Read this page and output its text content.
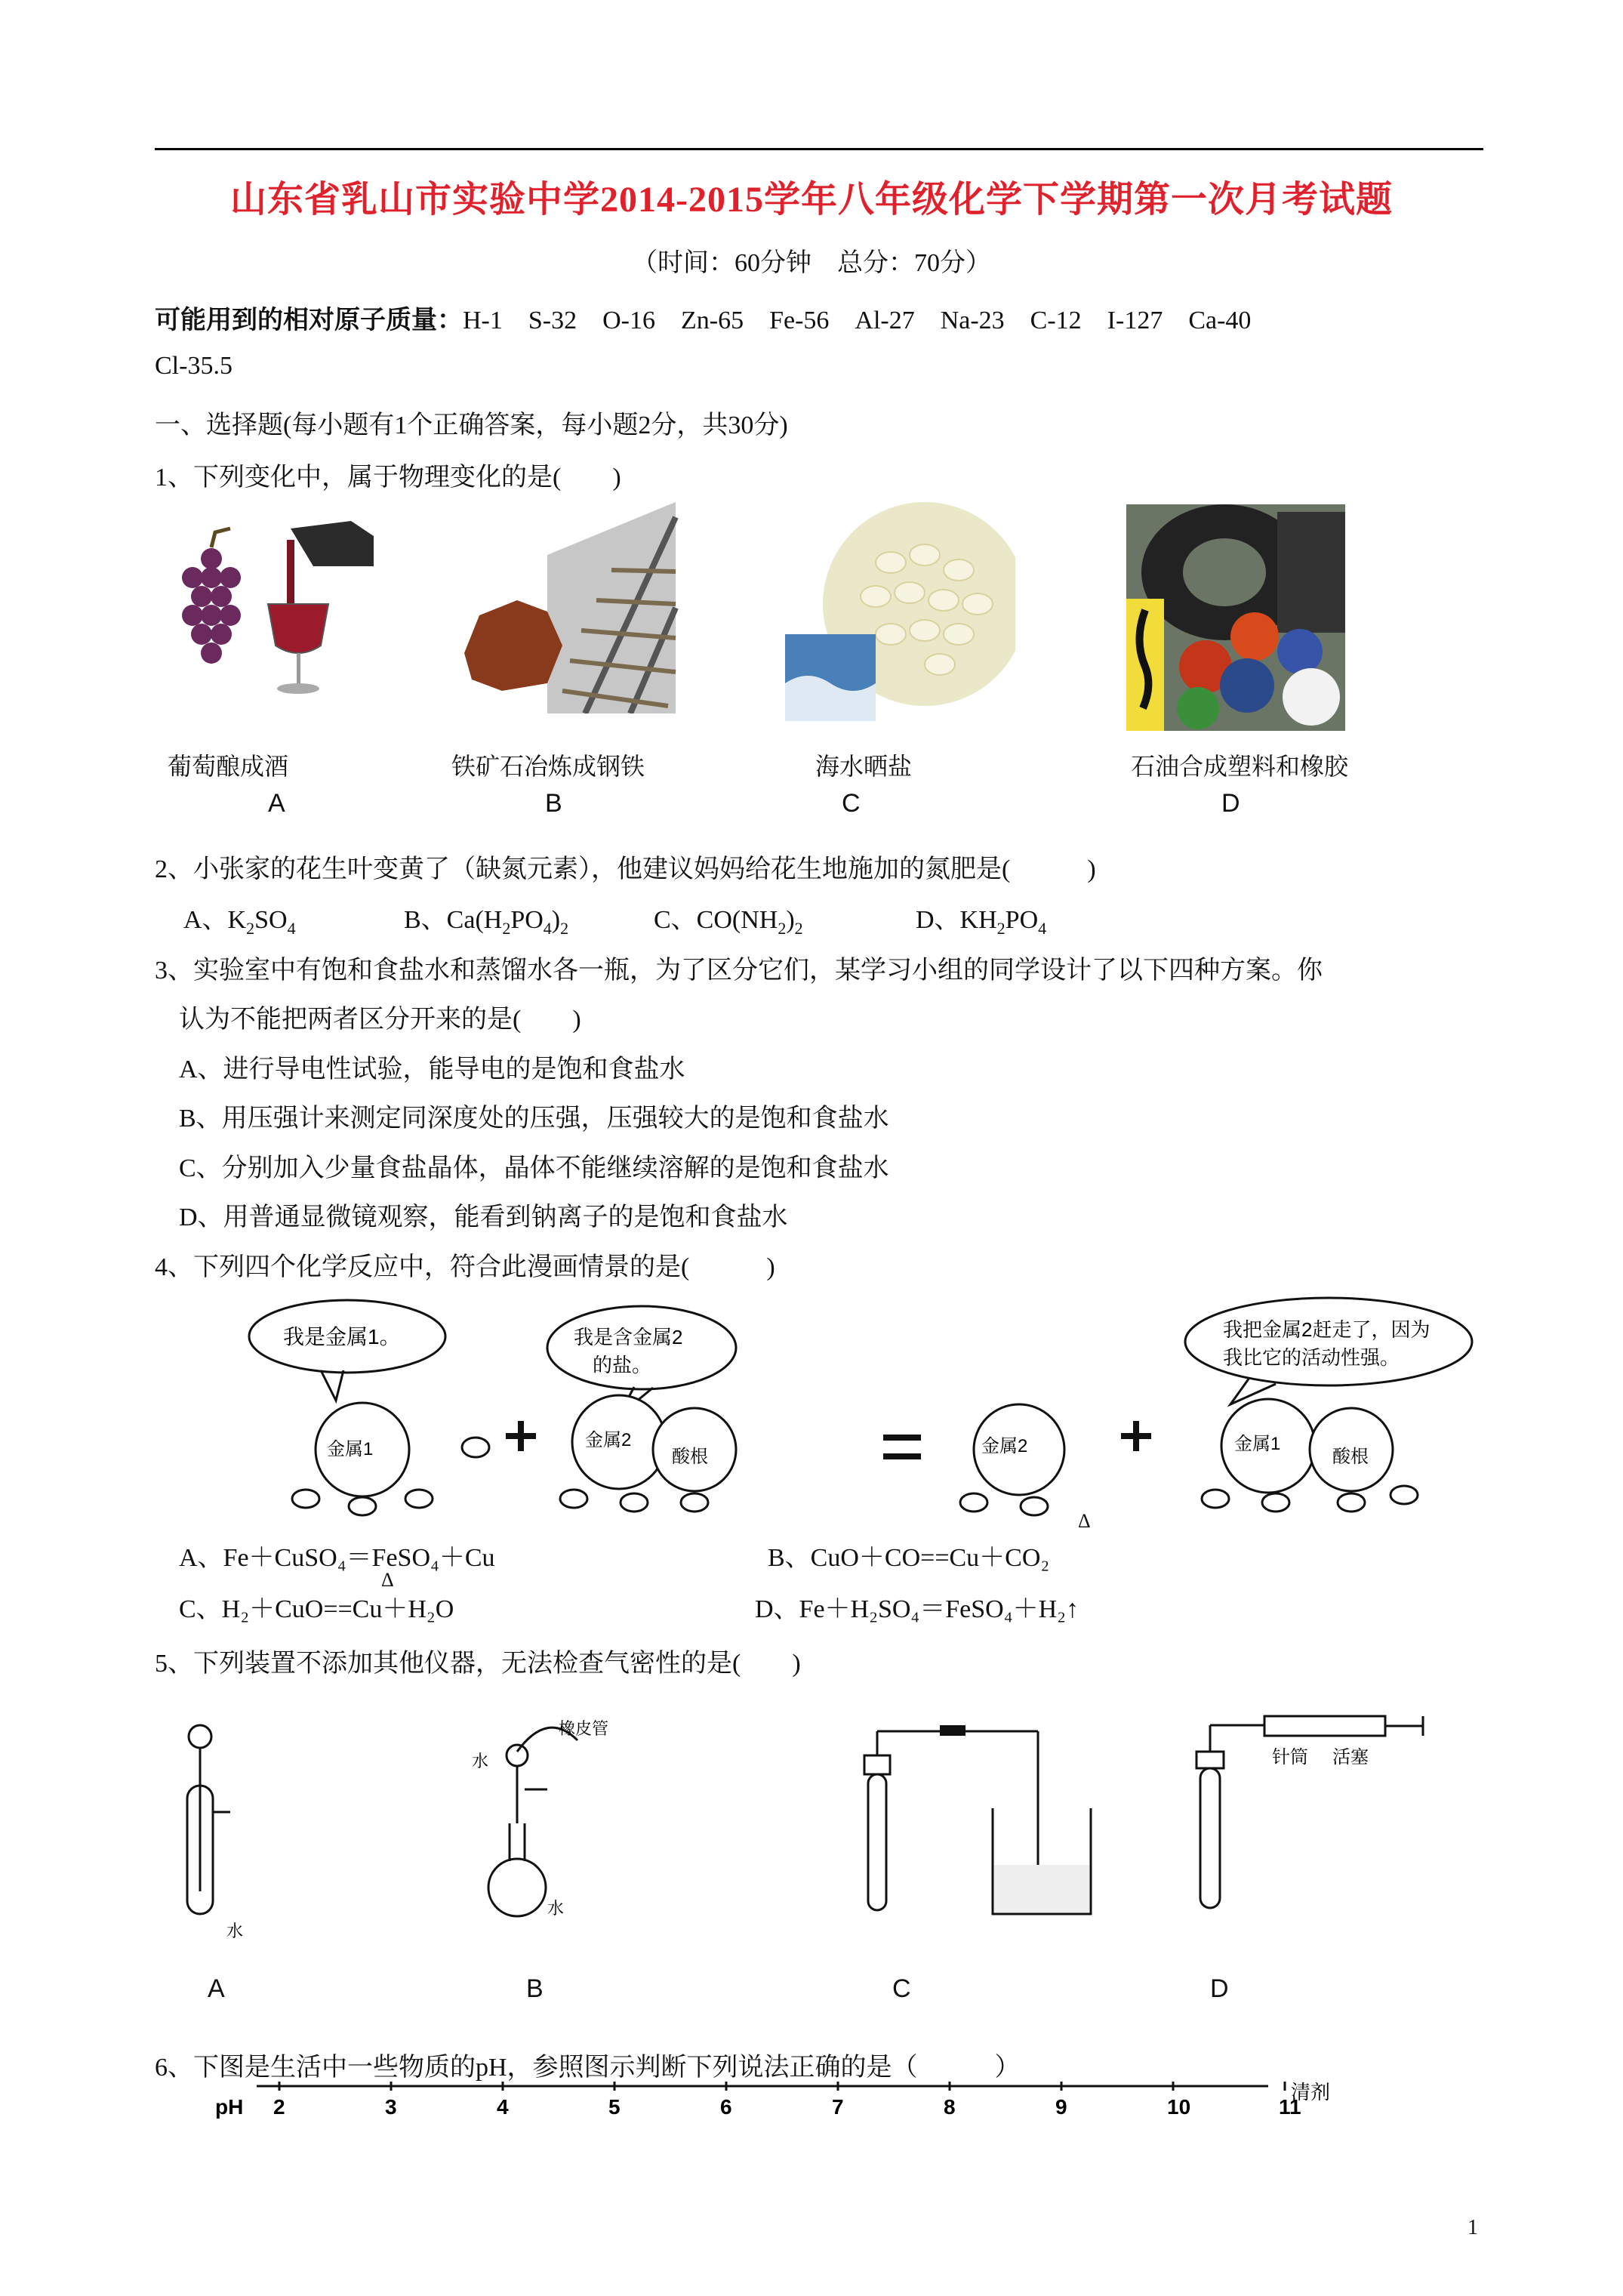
山东省乳山市实验中学2014-2015学年八年级化学下学期第一次月考试题
（时间：60分钟　总分：70分）
可能用到的相对原子质量：H-1　S-32　O-16　Zn-65　Fe-56　Al-27　Na-23　C-12　I-127　Ca-40
Cl-35.5
一、选择题(每小题有1个正确答案，每小题2分，共30分)
1、下列变化中，属于物理变化的是(　　)
葡萄酿成酒
A
铁矿石冶炼成钢铁
B
海水晒盐
C
石油合成塑料和橡胶
D
2、小张家的花生叶变黄了（缺氮元素），他建议妈妈给花生地施加的氮肥是(　　　)
A、$K_2SO_4$	B、$Ca(H_2PO_4)_2$	C、$CO(NH_2)_2$	D、$KH_2PO_4$
3、实验室中有饱和食盐水和蒸馏水各一瓶，为了区分它们，某学习小组的同学设计了以下四种方案。你
认为不能把两者区分开来的是(　　)
A、进行导电性试验，能导电的是饱和食盐水
B、用压强计来测定同深度处的压强，压强较大的是饱和食盐水
C、分别加入少量食盐晶体，晶体不能继续溶解的是饱和食盐水
D、用普通显微镜观察，能看到钠离子的是饱和食盐水
4、下列四个化学反应中，符合此漫画情景的是(　　　)
我是金属1。	我是含金属2
的盐。
我把金属2赶走了，因为
我比它的活动性强。
金属1	金属2
酸根
金属2	金属1
酸根
Δ
A、Fe＋CuSO₄＝FeSO₄＋Cu	B、CuO＋CO==Cu＋CO₂
Δ
C、H₂＋CuO==Cu＋H₂O	D、Fe＋H₂SO₄＝FeSO₄＋H₂↑
5、下列装置不添加其他仪器，无法检查气密性的是(　　)
水
橡皮管
水
水
针筒 活塞
A	B	C	D
6、下图是生活中一些物质的pH，参照图示判断下列说法正确的是（　　　）
2	3	4	5	6	7	8	9	10	11
pH
清剂
1
